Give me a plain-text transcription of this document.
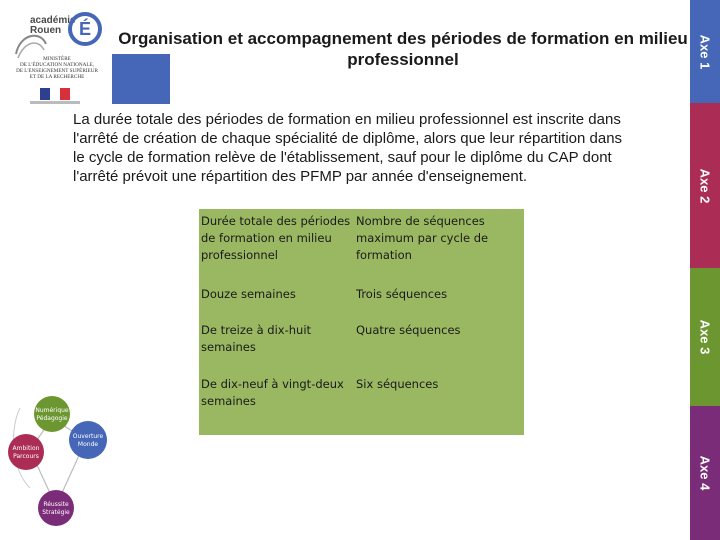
académie Rouen É
MINISTÈRE
DE L'ÉDUCATION NATIONALE,
DE L'ENSEIGNEMENT SUPÉRIEUR
ET DE LA RECHERCHE
Organisation et accompagnement des périodes de formation en milieu professionnel
La durée totale des périodes de formation en milieu professionnel est inscrite dans l'arrêté de création de chaque spécialité de diplôme, alors que leur répartition dans le cycle de formation relève de l'établissement, sauf pour le diplôme du CAP dont l'arrêté prévoit une répartition des PFMP par année d'enseignement.
Durée totale des périodes de formation en milieu professionnel
Nombre de séquences maximum par cycle de formation
Douze semaines	Trois séquences
De treize à dix-huit semaines
Quatre séquences
De dix-neuf à vingt-deux semaines
Six séquences
Axe 1
Axe 2
Axe 3
Axe 4
Numérique
Pédagogie
Ambition
Parcours
Ouverture
Monde
Réussite
Stratégie
